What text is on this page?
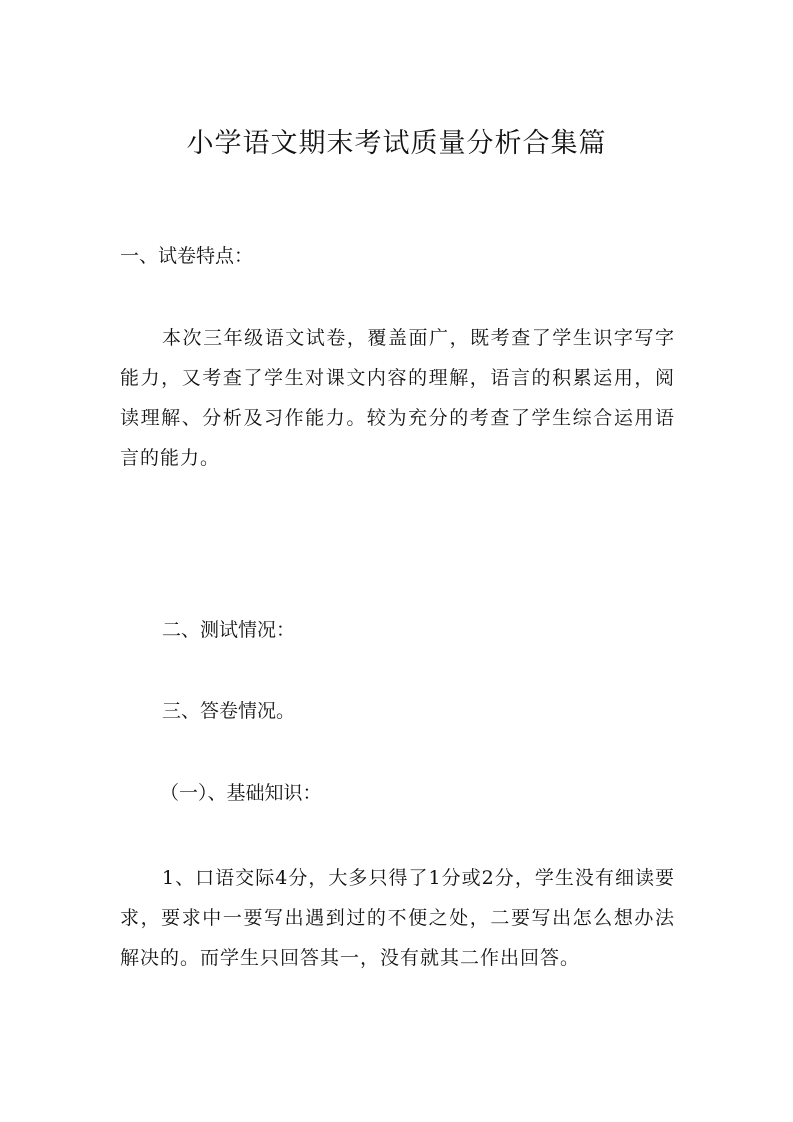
小学语文期末考试质量分析合集篇

一、试卷特点：

本次三年级语文试卷，覆盖面广，既考查了学生识字写字能力，又考查了学生对课文内容的理解，语言的积累运用，阅读理解、分析及习作能力。较为充分的考查了学生综合运用语言的能力。

二、测试情况：

三、答卷情况。

（一）、基础知识：

1、口语交际4分，大多只得了1分或2分，学生没有细读要求，要求中一要写出遇到过的不便之处，二要写出怎么想办法解决的。而学生只回答其一，没有就其二作出回答。
